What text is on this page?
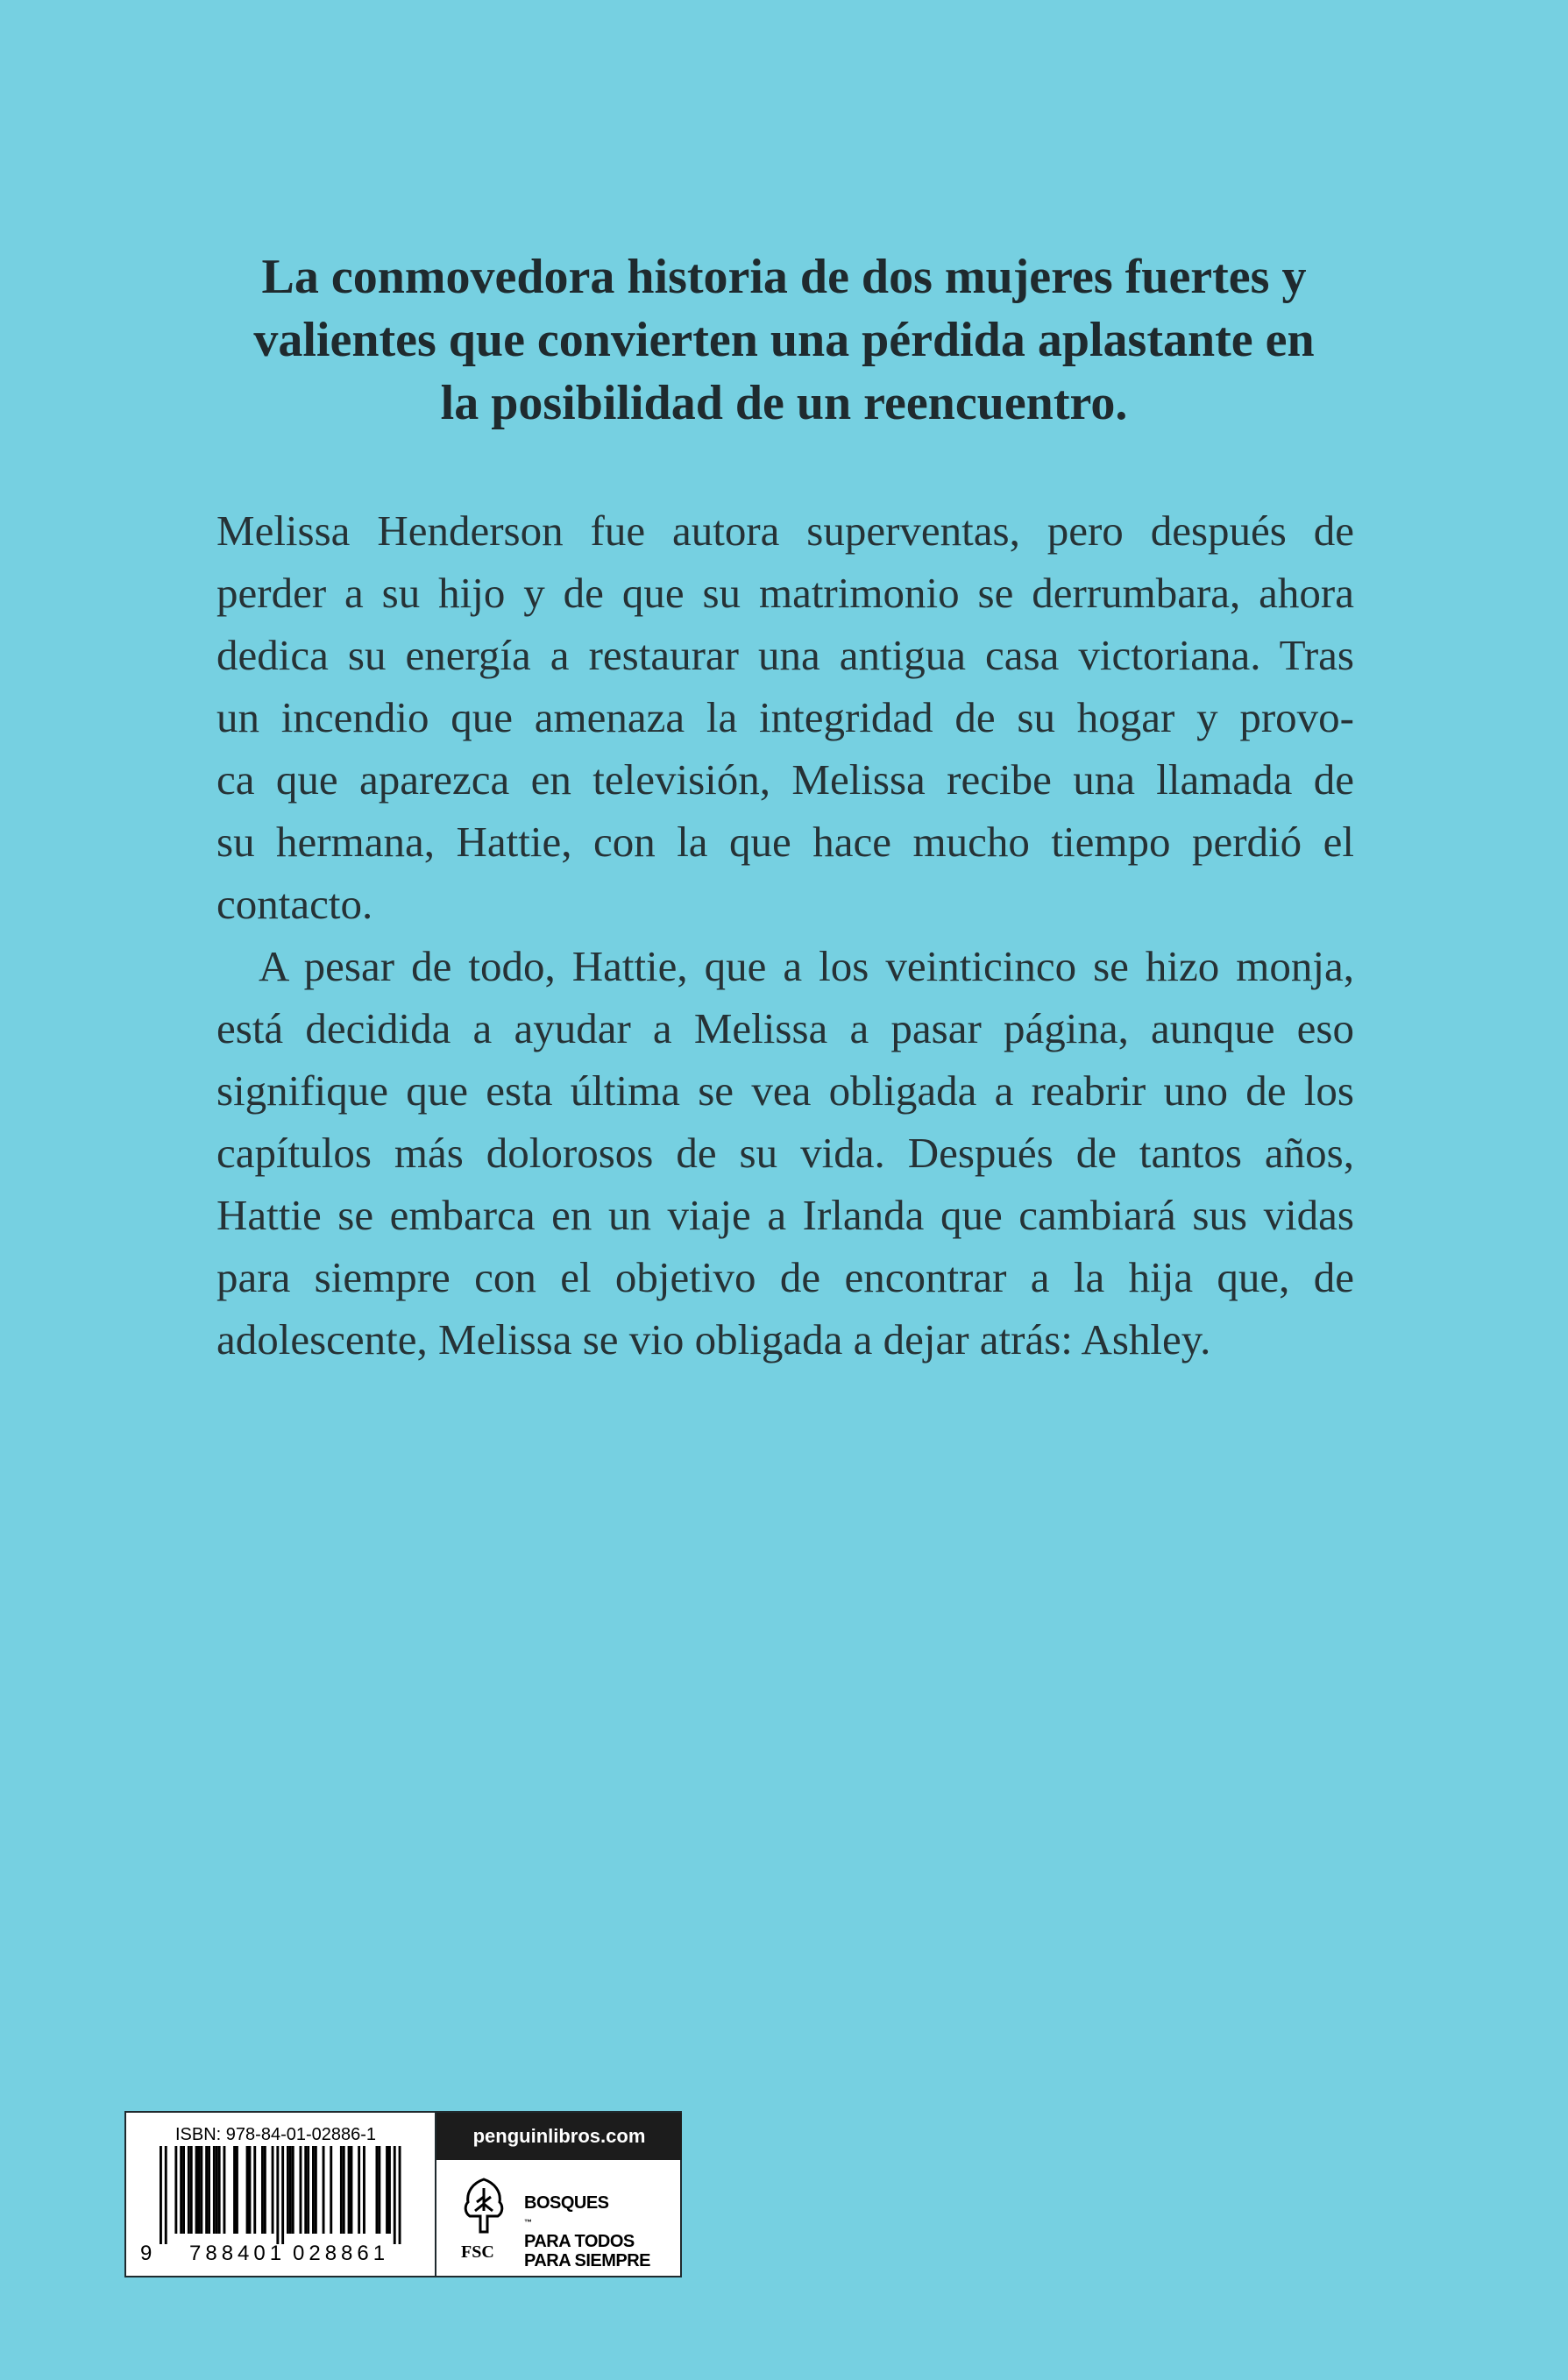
La conmovedora historia de dos mujeres fuertes y
valientes que convierten una pérdida aplastante en
la posibilidad de un reencuentro.
Melissa Henderson fue autora superventas, pero después de
perder a su hijo y de que su matrimonio se derrumbara, ahora
dedica su energía a restaurar una antigua casa victoriana. Tras
un incendio que amenaza la integridad de su hogar y provo-
ca que aparezca en televisión, Melissa recibe una llamada de
su hermana, Hattie, con la que hace mucho tiempo perdió el
contacto.
A pesar de todo, Hattie, que a los veinticinco se hizo monja,
está decidida a ayudar a Melissa a pasar página, aunque eso
signifique que esta última se vea obligada a reabrir uno de los
capítulos más dolorosos de su vida. Después de tantos años,
Hattie se embarca en un viaje a Irlanda que cambiará sus vidas
para siempre con el objetivo de encontrar a la hija que, de
adolescente, Melissa se vio obligada a dejar atrás: Ashley.
ISBN: 978-84-01-02886-1
9 788401 028861
penguinlibros.com
FSC
BOSQUES
™
PARA TODOS
PARA SIEMPRE
